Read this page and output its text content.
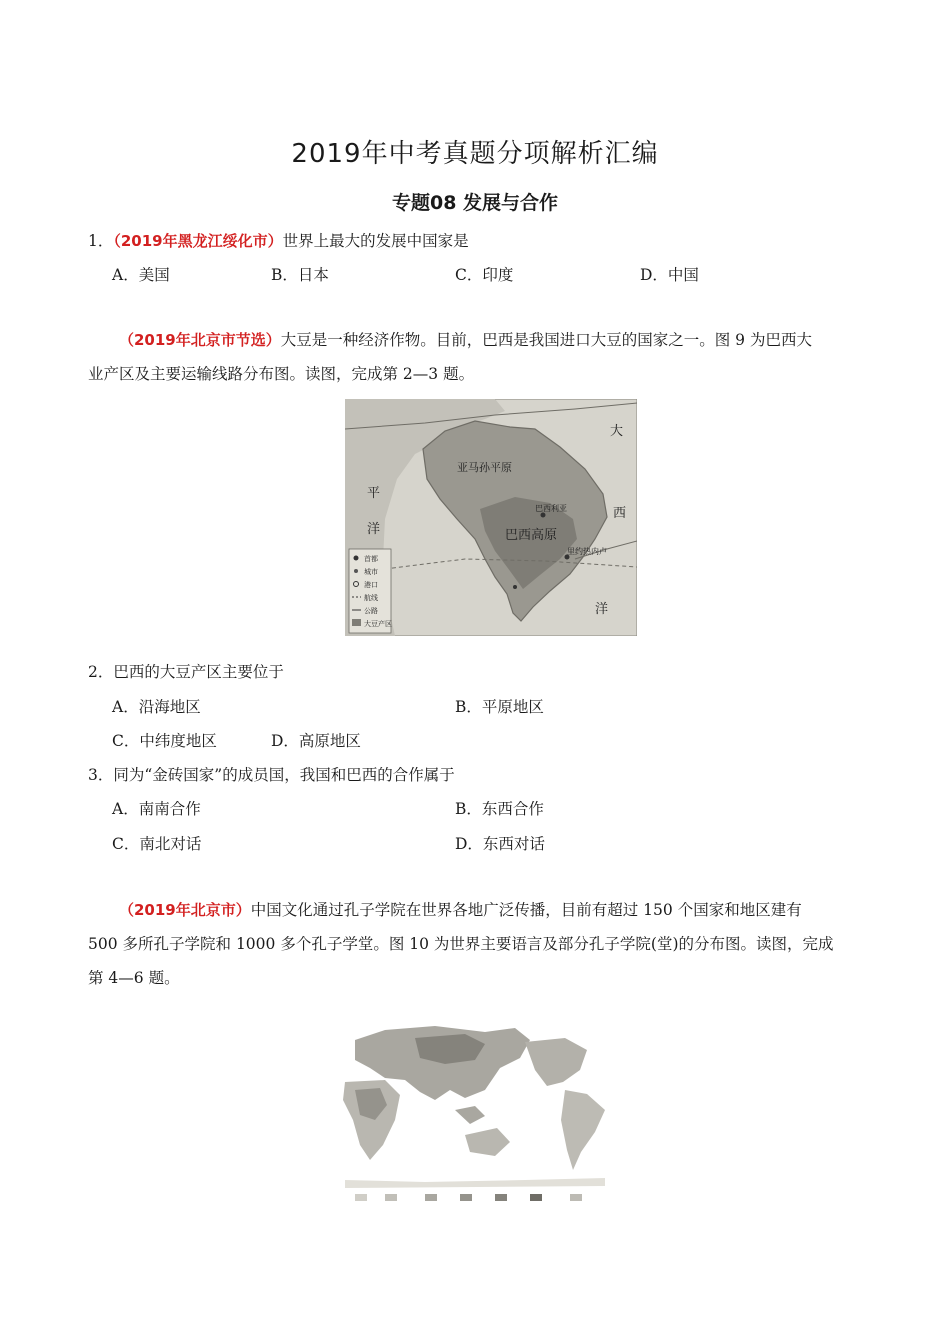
2019年中考真题分项解析汇编
专题08 发展与合作
1．（2019年黑龙江绥化市）世界上最大的发展中国家是
A．美国	B．日本	C．印度	D．中国
（2019年北京市节选）大豆是一种经济作物。目前，巴西是我国进口大豆的国家之一。图 9 为巴西大
业产区及主要运输线路分布图。读图，完成第 2—3 题。
亚马孙平原
巴西高原
巴西利亚
里约热内卢
平
洋
大
西
洋
首都
城市
港口
航线
公路
大豆产区
2．巴西的大豆产区主要位于
A．沿海地区	B．平原地区
C．中纬度地区	D．高原地区
3．同为“金砖国家”的成员国，我国和巴西的合作属于
A．南南合作	B．东西合作
C．南北对话	D．东西对话
（2019年北京市）中国文化通过孔子学院在世界各地广泛传播，目前有超过 150 个国家和地区建有
500 多所孔子学院和 1000 多个孔子学堂。图 10 为世界主要语言及部分孔子学院(堂)的分布图。读图，完成
第 4—6 题。
